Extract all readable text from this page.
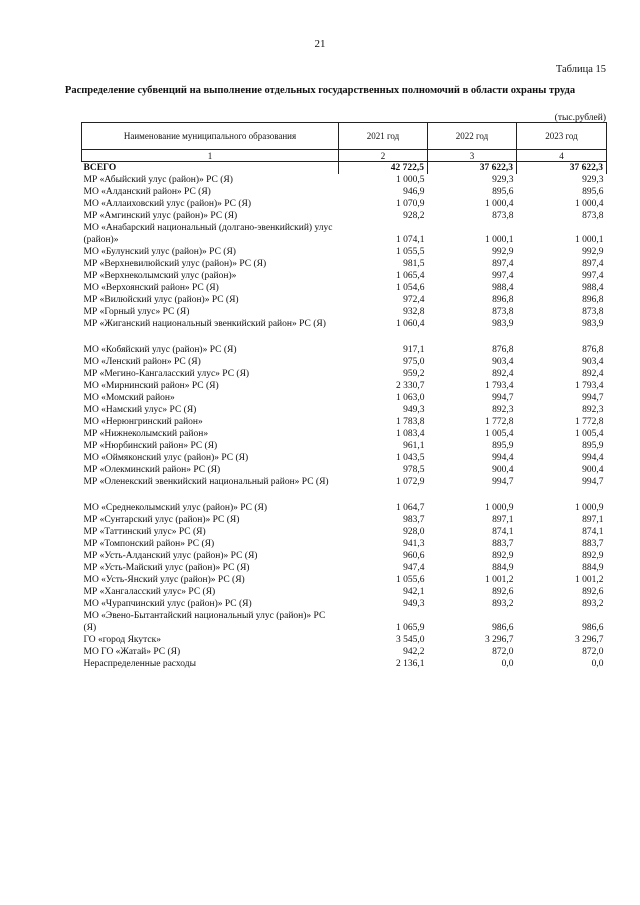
21
Таблица 15
Распределение субвенций на выполнение отдельных государственных полномочий в области охраны труда
(тыс.рублей)
Наименование муниципального образования	2021 год	2022 год	2023 год
1	2	3	4
ВСЕГО	42 722,5	37 622,3	37 622,3
МР «Абыйский улус (район)» РС (Я)	1 000,5	929,3	929,3
МО «Алданский район» РС (Я)	946,9	895,6	895,6
МО «Аллаиховский улус (район)» РС (Я)	1 070,9	1 000,4	1 000,4
МР «Амгинский улус (район)» РС (Я)	928,2	873,8	873,8
МО «Анабарский национальный (долгано-эвенкийский) улус (район)»	1 074,1	1 000,1	1 000,1
МО «Булунский улус (район)» РС (Я)	1 055,5	992,9	992,9
МР «Верхневилюйский улус (район)» РС (Я)	981,5	897,4	897,4
МР «Верхнеколымский улус (район)»	1 065,4	997,4	997,4
МО «Верхоянский район» РС (Я)	1 054,6	988,4	988,4
МР «Вилюйский улус (район)» РС (Я)	972,4	896,8	896,8
МР «Горный улус» РС (Я)	932,8	873,8	873,8
МР «Жиганский национальный эвенкийский район» РС (Я)	1 060,4	983,9	983,9

МО «Кобяйский улус (район)» РС (Я)	917,1	876,8	876,8
МО «Ленский район» РС (Я)	975,0	903,4	903,4
МР «Мегино-Кангаласский улус» РС (Я)	959,2	892,4	892,4
МО «Мирнинский район» РС (Я)	2 330,7	1 793,4	1 793,4
МО «Момский район»	1 063,0	994,7	994,7
МО «Намский улус» РС (Я)	949,3	892,3	892,3
МО «Нерюнгринский район»	1 783,8	1 772,8	1 772,8
МР «Нижнеколымский район»	1 083,4	1 005,4	1 005,4
МР «Нюрбинский район» РС (Я)	961,1	895,9	895,9
МО «Оймяконский улус (район)» РС (Я)	1 043,5	994,4	994,4
МР «Олекминский район» РС (Я)	978,5	900,4	900,4
МР «Оленекский эвенкийский национальный район» РС (Я)	1 072,9	994,7	994,7

МО «Среднеколымский улус (район)» РС (Я)	1 064,7	1 000,9	1 000,9
МР «Сунтарский улус (район)» РС (Я)	983,7	897,1	897,1
МР «Таттинский улус» РС (Я)	928,0	874,1	874,1
МР «Томпонский район» РС (Я)	941,3	883,7	883,7
МР «Усть-Алданский улус (район)» РС (Я)	960,6	892,9	892,9
МР «Усть-Майский улус (район)» РС (Я)	947,4	884,9	884,9
МО «Усть-Янский улус (район)» РС (Я)	1 055,6	1 001,2	1 001,2
МР «Хангаласский улус» РС (Я)	942,1	892,6	892,6
МО «Чурапчинский улус (район)» РС (Я)	949,3	893,2	893,2
МО «Эвено-Бытантайский национальный улус (район)» РС (Я)	1 065,9	986,6	986,6
ГО «город Якутск»	3 545,0	3 296,7	3 296,7
МО ГО «Жатай» РС (Я)	942,2	872,0	872,0
Нераспределенные расходы	2 136,1	0,0	0,0
